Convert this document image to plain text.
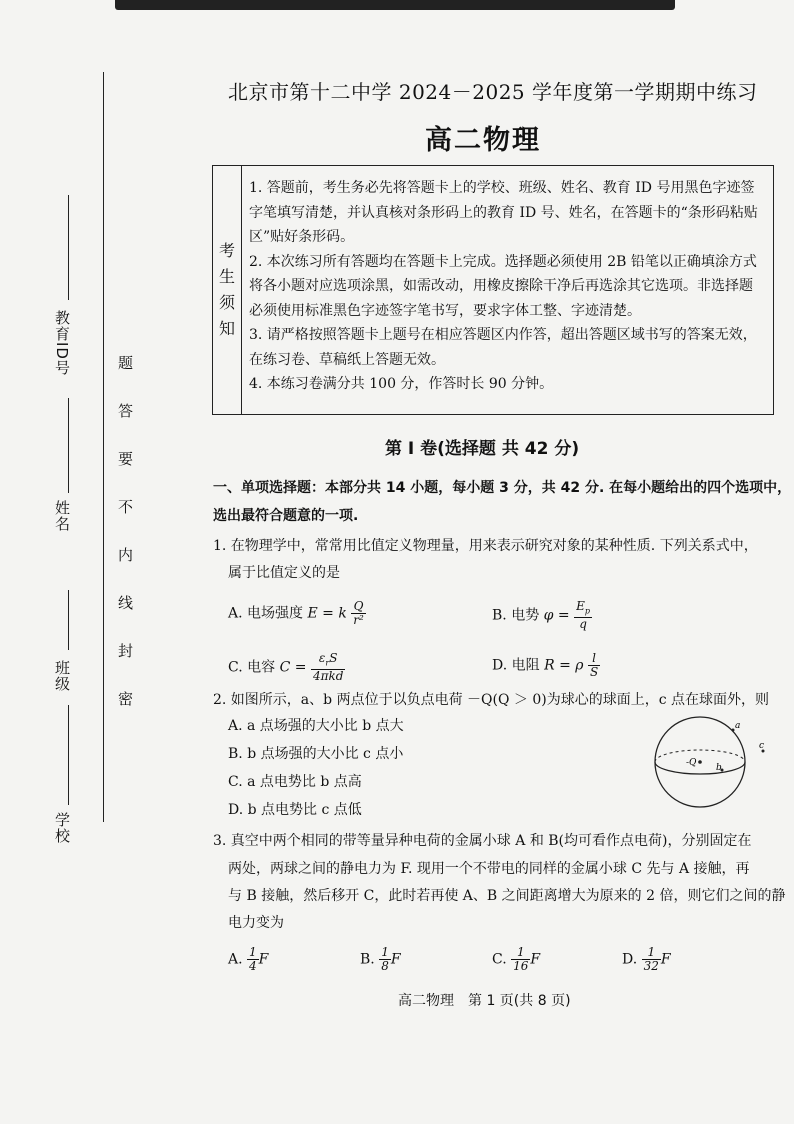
教育ID号
姓名
班级
学校
密
封
线
内
不
要
答
题
北京市第十二中学 2024－2025 学年度第一学期期中练习
高二物理
考
生
须
知

1. 答题前，考生务必先将答题卡上的学校、班级、姓名、教育 ID 号用黑色字迹签字笔填写清楚，并认真核对条形码上的教育 ID 号、姓名，在答题卡的“条形码粘贴区”贴好条形码。

2. 本次练习所有答题均在答题卡上完成。选择题必须使用 2B 铅笔以正确填涂方式将各小题对应选项涂黑，如需改动，用橡皮擦除干净后再选涂其它选项。非选择题必须使用标准黑色字迹签字笔书写，要求字体工整、字迹清楚。

3. 请严格按照答题卡上题号在相应答题区内作答，超出答题区域书写的答案无效，在练习卷、草稿纸上答题无效。

4. 本练习卷满分共 100 分，作答时长 90 分钟。

第 Ⅰ 卷(选择题 共 42 分)
一、单项选择题：本部分共 14 小题，每小题 3 分，共 42 分. 在每小题给出的四个选项中，
选出最符合题意的一项.
1. 在物理学中，常常用比值定义物理量，用来表示研究对象的某种性质. 下列关系式中，
属于比值定义的是
A. 电场强度 E = k $\frac{Q}{\text{r²}}$	B. 电势 $\varphi = \frac{E_p}{q}$
C. 电容 $C = \frac{\varepsilon_rS}{\text{4πkd}}$	D. 电阻 R = ρ $\frac{l}{S}$
2. 如图所示，a、b 两点位于以负点电荷 －Q(Q ＞ 0)为球心的球面上，c 点在球面外，则
A. a 点场强的大小比 b 点大
B. b 点场强的大小比 c 点小
C. a 点电势比 b 点高
D. b 点电势比 c 点低
-Q
a
b
c
3. 真空中两个相同的带等量异种电荷的金属小球 A 和 B(均可看作点电荷)，分别固定在
两处，两球之间的静电力为 F. 现用一个不带电的同样的金属小球 C 先与 A 接触，再
与 B 接触，然后移开 C，此时若再使 A、B 之间距离增大为原来的 2 倍，则它们之间的静
电力变为
A. $\frac{1}{4}$ F	B. $\frac{1}{8}$ F	C. $\frac{1}{16}$ F	D. $\frac{1}{32}$ F
高二物理　第 1 页(共 8 页)
